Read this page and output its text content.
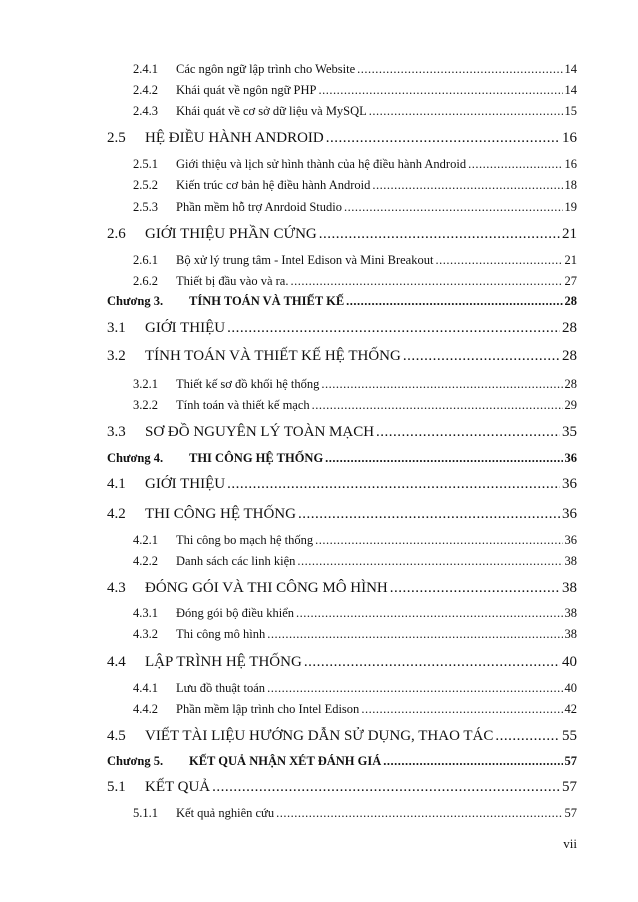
2.4.1	Các ngôn ngữ lập trình cho Website .....	14
2.4.2	Khái quát về ngôn ngữ PHP .....	14
2.4.3	Khái quát về cơ sở dữ liệu và MySQL .....	15
2.5	HỆ ĐIỀU HÀNH ANDROID .....	16
2.5.1	Giới thiệu và lịch sử hình thành của hệ điều hành Android .....	16
2.5.2	Kiến trúc cơ bản hệ điều hành Android .....	18
2.5.3	Phần mềm hỗ trợ Anrdoid Studio .....	19
2.6	GIỚI THIỆU PHẦN CỨNG .....	21
2.6.1	Bộ xử lý trung tâm - Intel Edison và Mini Breakout .....	21
2.6.2	Thiết bị đầu vào và ra. .....	27
Chương 3.	TÍNH TOÁN VÀ THIẾT KẾ .....	28
3.1	GIỚI THIỆU .....	28
3.2	TÍNH TOÁN VÀ THIẾT KẾ HỆ THỐNG .....	28
3.2.1	Thiết kế sơ đồ khối hệ thống .....	28
3.2.2	Tính toán và thiết kế mạch .....	29
3.3	SƠ ĐỒ NGUYÊN LÝ TOÀN MẠCH .....	35
Chương 4.	THI CÔNG HỆ THỐNG .....	36
4.1	GIỚI THIỆU .....	36
4.2	THI CÔNG HỆ THỐNG .....	36
4.2.1	Thi công bo mạch hệ thống .....	36
4.2.2	Danh sách các linh kiện .....	38
4.3	ĐÓNG GÓI VÀ THI CÔNG MÔ HÌNH .....	38
4.3.1	Đóng gói bộ điều khiển .....	38
4.3.2	Thi công mô hình .....	38
4.4	LẬP TRÌNH HỆ THỐNG .....	40
4.4.1	Lưu đồ thuật toán .....	40
4.4.2	Phần mềm lập trình cho Intel Edison .....	42
4.5	VIẾT TÀI LIỆU HƯỚNG DẪN SỬ DỤNG, THAO TÁC .....	55
Chương 5.	KẾT QUẢ NHẬN XÉT ĐÁNH GIÁ .....	57
5.1	KẾT QUẢ .....	57
5.1.1	Kết quả nghiên cứu .....	57
vii
